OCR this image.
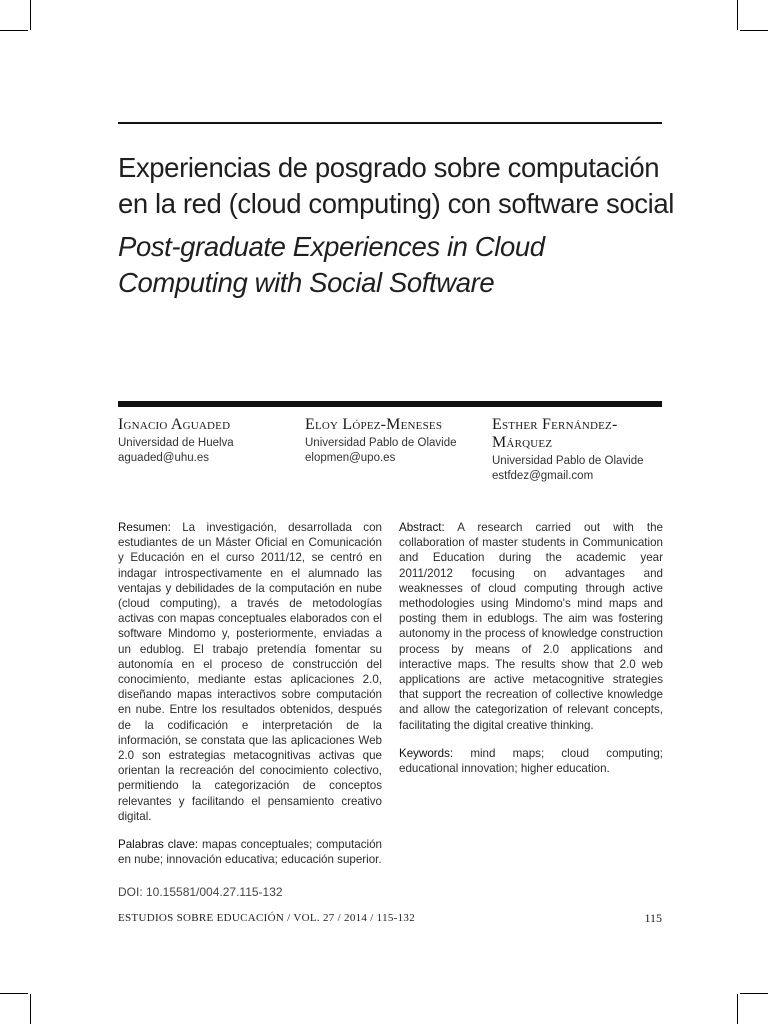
Experiencias de posgrado sobre computación en la red (cloud computing) con software social
Post-graduate Experiences in Cloud Computing with Social Software
Ignacio Aguaded
Universidad de Huelva
aguaded@uhu.es
Eloy López-Meneses
Universidad Pablo de Olavide
elopmen@upo.es
Esther Fernández-Márquez
Universidad Pablo de Olavide
estfdez@gmail.com

Resumen: La investigación, desarrollada con estudiantes de un Máster Oficial en Comunicación y Educación en el curso 2011/12, se centró en indagar introspectivamente en el alumnado las ventajas y debilidades de la computación en nube (cloud computing), a través de metodologías activas con mapas conceptuales elaborados con el software Mindomo y, posteriormente, enviadas a un edublog. El trabajo pretendía fomentar su autonomía en el proceso de construcción del conocimiento, mediante estas aplicaciones 2.0, diseñando mapas interactivos sobre computación en nube. Entre los resultados obtenidos, después de la codificación e interpretación de la información, se constata que las aplicaciones Web 2.0 son estrategias metacognitivas activas que orientan la recreación del conocimiento colectivo, permitiendo la categorización de conceptos relevantes y facilitando el pensamiento creativo digital.

Palabras clave: mapas conceptuales; computación en nube; innovación educativa; educación superior.

Abstract: A research carried out with the collaboration of master students in Communication and Education during the academic year 2011/2012 focusing on advantages and weaknesses of cloud computing through active methodologies using Mindomo's mind maps and posting them in edublogs. The aim was fostering autonomy in the process of knowledge construction process by means of 2.0 applications and interactive maps. The results show that 2.0 web applications are active metacognitive strategies that support the recreation of collective knowledge and allow the categorization of relevant concepts, facilitating the digital creative thinking.

Keywords: mind maps; cloud computing; educational innovation; higher education.

DOI: 10.15581/004.27.115-132
ESTUDIOS SOBRE EDUCACIÓN / VOL. 27 / 2014 / 115-132	115
